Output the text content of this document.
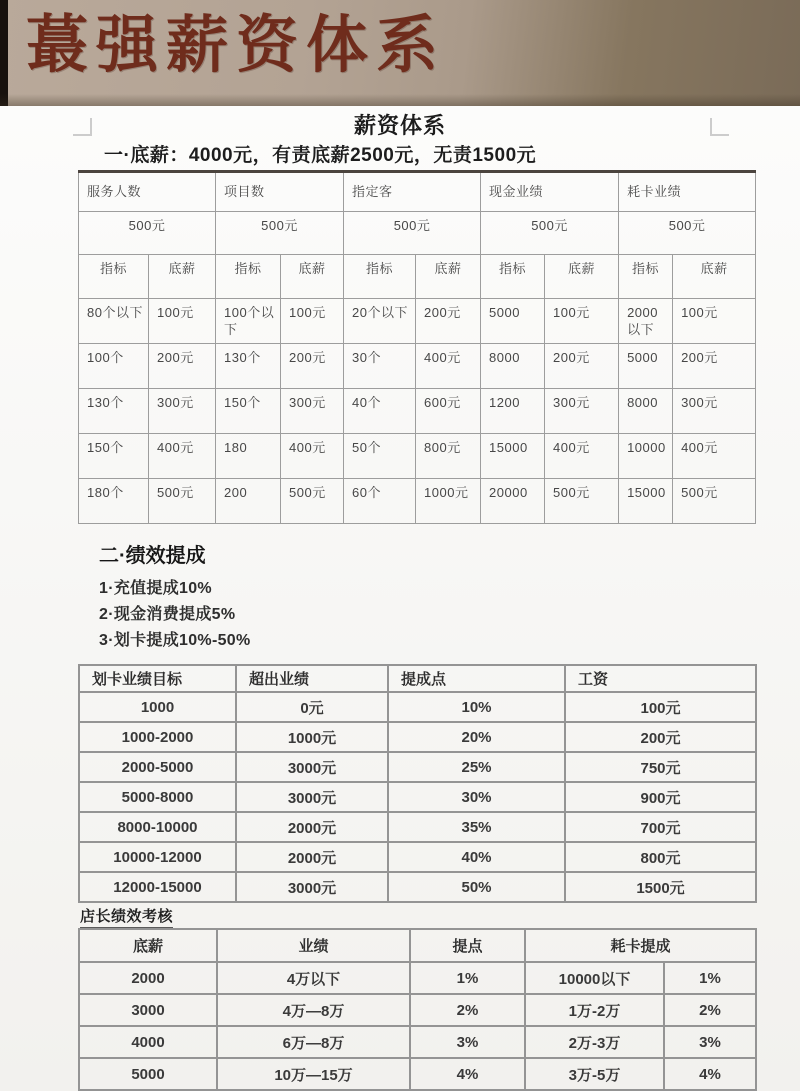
蕞强薪资体系
薪资体系
一·底薪：4000元，有责底薪2500元，无责1500元
服务人数		项目数		指定客		现金业绩		耗卡业绩	
500元		500元		500元		500元		500元	
指标	底薪	指标	底薪	指标	底薪	指标	底薪	指标	底薪
80个以下	100元	100个以下	100元	20个以下	200元	5000	100元	2000以下	100元
100个	200元	130个	200元	30个	400元	8000	200元	5000	200元
130个	300元	150个	300元	40个	600元	1200	300元	8000	300元
150个	400元	180	400元	50个	800元	15000	400元	10000	400元
180个	500元	200	500元	60个	1000元	20000	500元	15000	500元
二·绩效提成
1·充值提成10%
2·现金消费提成5%
3·划卡提成10%-50%
划卡业绩目标	超出业绩	提成点	工资
1000	0元	10%	100元
1000-2000	1000元	20%	200元
2000-5000	3000元	25%	750元
5000-8000	3000元	30%	900元
8000-10000	2000元	35%	700元
10000-12000	2000元	40%	800元
12000-15000	3000元	50%	1500元
店长绩效考核
底薪	业绩	提点	耗卡提成	
2000	4万以下	1%	10000以下	1%
3000	4万—8万	2%	1万-2万	2%
4000	6万—8万	3%	2万-3万	3%
5000	10万—15万	4%	3万-5万	4%
